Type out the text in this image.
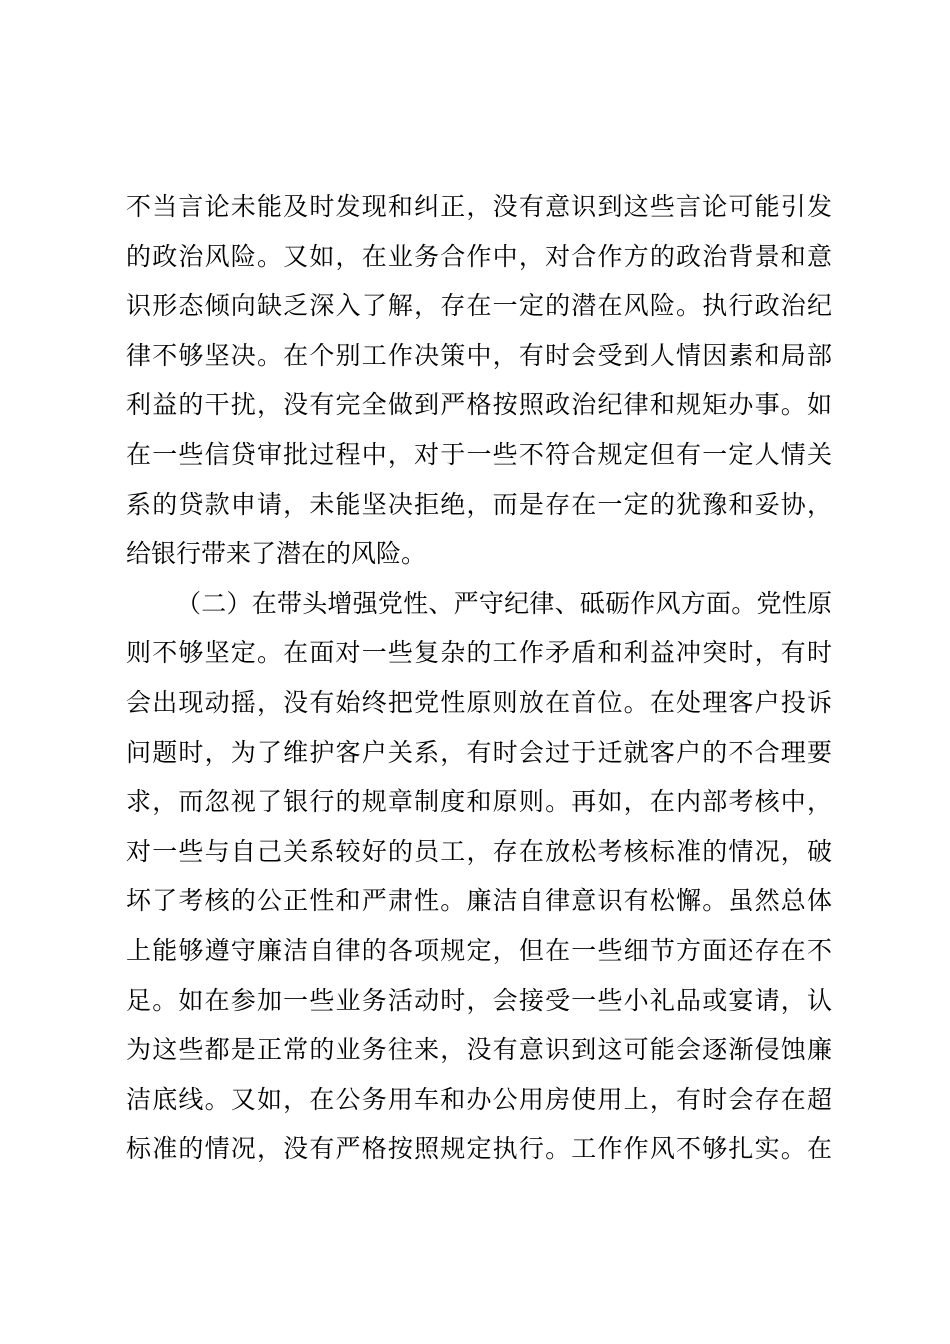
不当言论未能及时发现和纠正，没有意识到这些言论可能引发
的政治风险。又如，在业务合作中，对合作方的政治背景和意
识形态倾向缺乏深入了解，存在一定的潜在风险。执行政治纪
律不够坚决。在个别工作决策中，有时会受到人情因素和局部
利益的干扰，没有完全做到严格按照政治纪律和规矩办事。如
在一些信贷审批过程中，对于一些不符合规定但有一定人情关
系的贷款申请，未能坚决拒绝，而是存在一定的犹豫和妥协，
给银行带来了潜在的风险。
（二）在带头增强党性、严守纪律、砥砺作风方面。党性原
则不够坚定。在面对一些复杂的工作矛盾和利益冲突时，有时
会出现动摇，没有始终把党性原则放在首位。在处理客户投诉
问题时，为了维护客户关系，有时会过于迁就客户的不合理要
求，而忽视了银行的规章制度和原则。再如，在内部考核中，
对一些与自己关系较好的员工，存在放松考核标准的情况，破
坏了考核的公正性和严肃性。廉洁自律意识有松懈。虽然总体
上能够遵守廉洁自律的各项规定，但在一些细节方面还存在不
足。如在参加一些业务活动时，会接受一些小礼品或宴请，认
为这些都是正常的业务往来，没有意识到这可能会逐渐侵蚀廉
洁底线。又如，在公务用车和办公用房使用上，有时会存在超
标准的情况，没有严格按照规定执行。工作作风不够扎实。在
